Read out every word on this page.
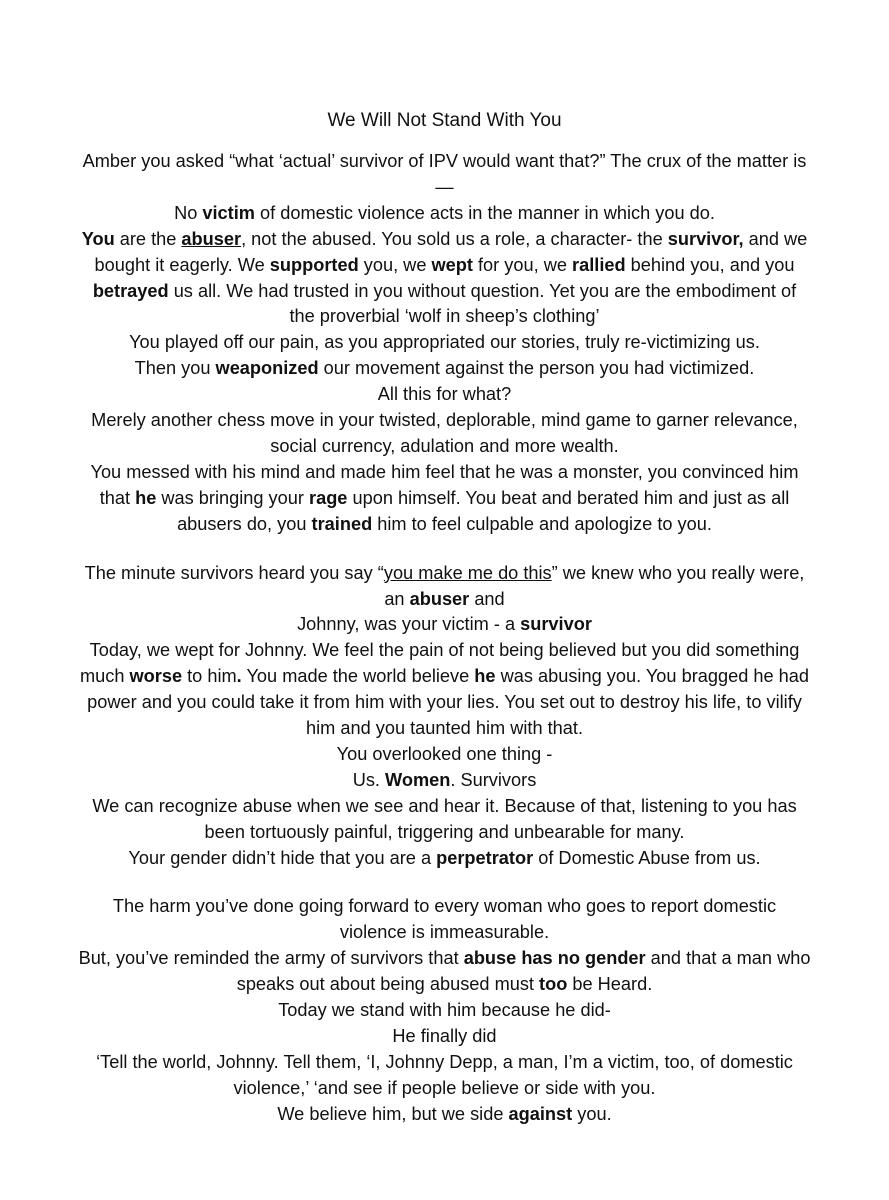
We Will Not Stand With You

Amber you asked “what ‘actual’ survivor of IPV would want that?” The crux of the matter is —

No victim of domestic violence acts in the manner in which you do.

You are the abuser, not the abused. You sold us a role, a character- the survivor, and we bought it eagerly. We supported you, we wept for you, we rallied behind you, and you betrayed us all. We had trusted in you without question. Yet you are the embodiment of the proverbial ‘wolf in sheep’s clothing’

You played off our pain, as you appropriated our stories, truly re-victimizing us.

Then you weaponized our movement against the person you had victimized.

All this for what?

Merely another chess move in your twisted, deplorable, mind game to garner relevance, social currency, adulation and more wealth.

You messed with his mind and made him feel that he was a monster, you convinced him that he was bringing your rage upon himself. You beat and berated him and just as all abusers do, you trained him to feel culpable and apologize to you.

The minute survivors heard you say “you make me do this” we knew who you really were, an abuser and

Johnny, was your victim - a survivor

Today, we wept for Johnny. We feel the pain of not being believed but you did something much worse to him. You made the world believe he was abusing you. You bragged he had power and you could take it from him with your lies. You set out to destroy his life, to vilify him and you taunted him with that.

You overlooked one thing -

Us. Women. Survivors

We can recognize abuse when we see and hear it. Because of that, listening to you has been tortuously painful, triggering and unbearable for many.

Your gender didn’t hide that you are a perpetrator of Domestic Abuse from us.

The harm you’ve done going forward to every woman who goes to report domestic violence is immeasurable.

But, you’ve reminded the army of survivors that abuse has no gender and that a man who speaks out about being abused must too be Heard.

Today we stand with him because he did-

He finally did

‘Tell the world, Johnny. Tell them, ‘I, Johnny Depp, a man, I’m a victim, too, of domestic violence,’ ‘and see if people believe or side with you.

We believe him, but we side against you.
